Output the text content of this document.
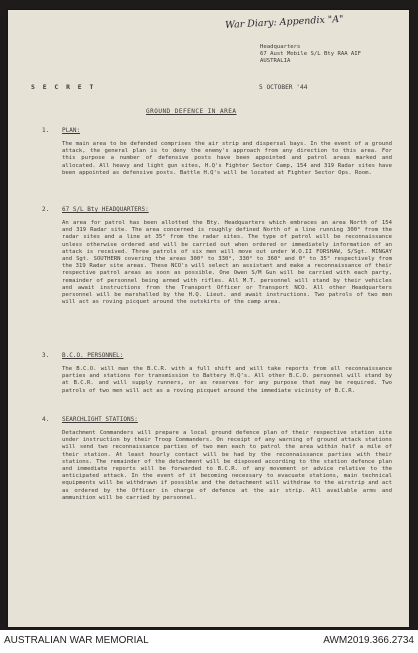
War Diary: Appendix "A"
Headquarters
67 Aust Mobile S/L Bty RAA AIF
AUSTRALIA
S E C R E T	5 OCTOBER '44
GROUND DEFENCE IN AREA
1. PLAN:
The main area to be defended comprises the air strip and dispersal bays. In the event of a ground attack, the general plan is to deny the enemy's approach from any direction to this area. For this purpose a number of defensive posts have been appointed and patrol areas marked and allocated. All heavy and light gun sites, H.Q's Fighter Sector Camp, 154 and 319 Radar sites have been appointed as defensive posts. Battle H.Q's will be located at Fighter Sector Ops. Room.
2. 67 S/L Bty HEADQUARTERS:
An area for patrol has been allotted the Bty. Headquarters which embraces an area North of 154 and 319 Radar site. The area concerned is roughly defined North of a line running 300° from the radar sites and a line at 35° from the radar sites. The type of patrol will be reconnaissance unless otherwise ordered and will be carried out when ordered or immediately information of an attack is received. Three patrols of six men will move out under W.O.II FORSHAW, S/Sgt. MINGAY and Sgt. SOUTHERN covering the areas 300° to 330°, 330° to 360° and 0° to 35° respectively from the 319 Radar site areas. These NCO's will select an assistant and make a reconnaissance of their respective patrol areas as soon as possible. One Owen S/M Gun will be carried with each party, remainder of personnel being armed with rifles. All M.T. personnel will stand by their vehicles and await instructions from the Transport Officer or Transport NCO. All other Headquarters personnel will be marshalled by the H.Q. Lieut. and await instructions. Two patrols of two men will act as roving picquet around the outskirts of the camp area.
3. B.C.O. PERSONNEL:
The B.C.O. will man the B.C.R. with a full shift and will take reports from all reconnaissance parties and stations for transmission to Battery H.Q's. All other B.C.O. personnel will stand by at B.C.R. and will supply runners, or as reserves for any purpose that may be required. Two patrols of two men will act as a roving picquet around the immediate vicinity of B.C.R.
4. SEARCHLIGHT STATIONS:
Detachment Commanders will prepare a local ground defence plan of their respective station site under instruction by their Troop Commanders. On receipt of any warning of ground attack stations will send two reconnaissance parties of two men each to patrol the area within half a mile of their station. At least hourly contact will be had by the reconnaissance parties with their stations. The remainder of the detachment will be disposed according to the station defence plan and immediate reports will be forwarded to B.C.R. of any movement or advice relative to the anticipated attack. In the event of it becoming necessary to evacuate stations, main technical equipments will be withdrawn if possible and the detachment will withdraw to the airstrip and act as ordered by the Officer in charge of defence at the air strip. All available arms and ammunition will be carried by personnel.
AUSTRALIAN WAR MEMORIAL	AWM2019.366.2734
